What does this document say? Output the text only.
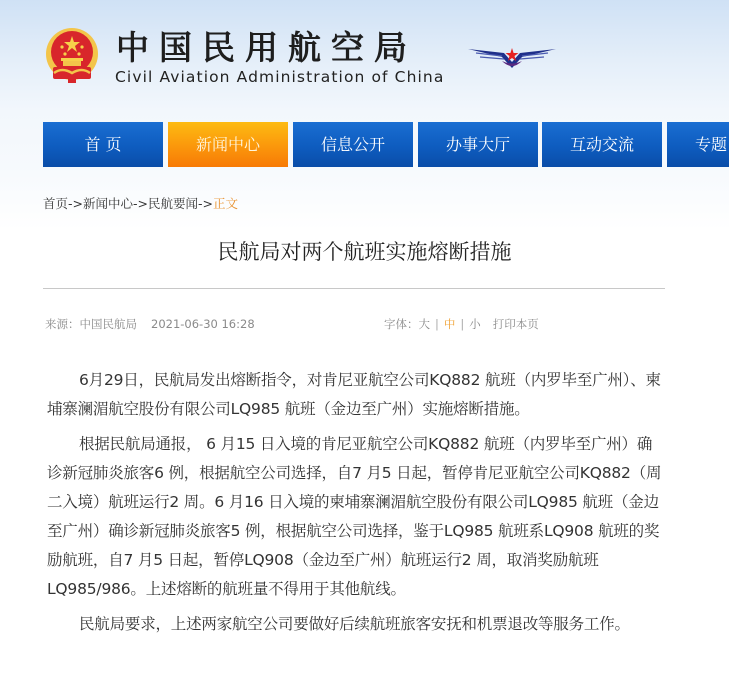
中国民用航空局
Civil Aviation Administration of China
首 页	新闻中心	信息公开	办事大厅	互动交流	专题
首页->新闻中心->民航要闻->正文
民航局对两个航班实施熔断措施
来源：中国民航局 2021-06-30 16:28	字体：大 | 中 | 小 打印本页

6月29日，民航局发出熔断指令，对肯尼亚航空公司KQ882 航班（内罗毕至广州）、柬埔寨澜湄航空股份有限公司LQ985 航班（金边至广州）实施熔断措施。

根据民航局通报， 6 月15 日入境的肯尼亚航空公司KQ882 航班（内罗毕至广州）确诊新冠肺炎旅客6 例，根据航空公司选择，自7 月5 日起，暂停肯尼亚航空公司KQ882（周二入境）航班运行2 周。6 月16 日入境的柬埔寨澜湄航空股份有限公司LQ985 航班（金边至广州）确诊新冠肺炎旅客5 例，根据航空公司选择，鉴于LQ985 航班系LQ908 航班的奖励航班，自7 月5 日起，暂停LQ908（金边至广州）航班运行2 周，取消奖励航班LQ985/986。上述熔断的航班量不得用于其他航线。

民航局要求，上述两家航空公司要做好后续航班旅客安抚和机票退改等服务工作。
